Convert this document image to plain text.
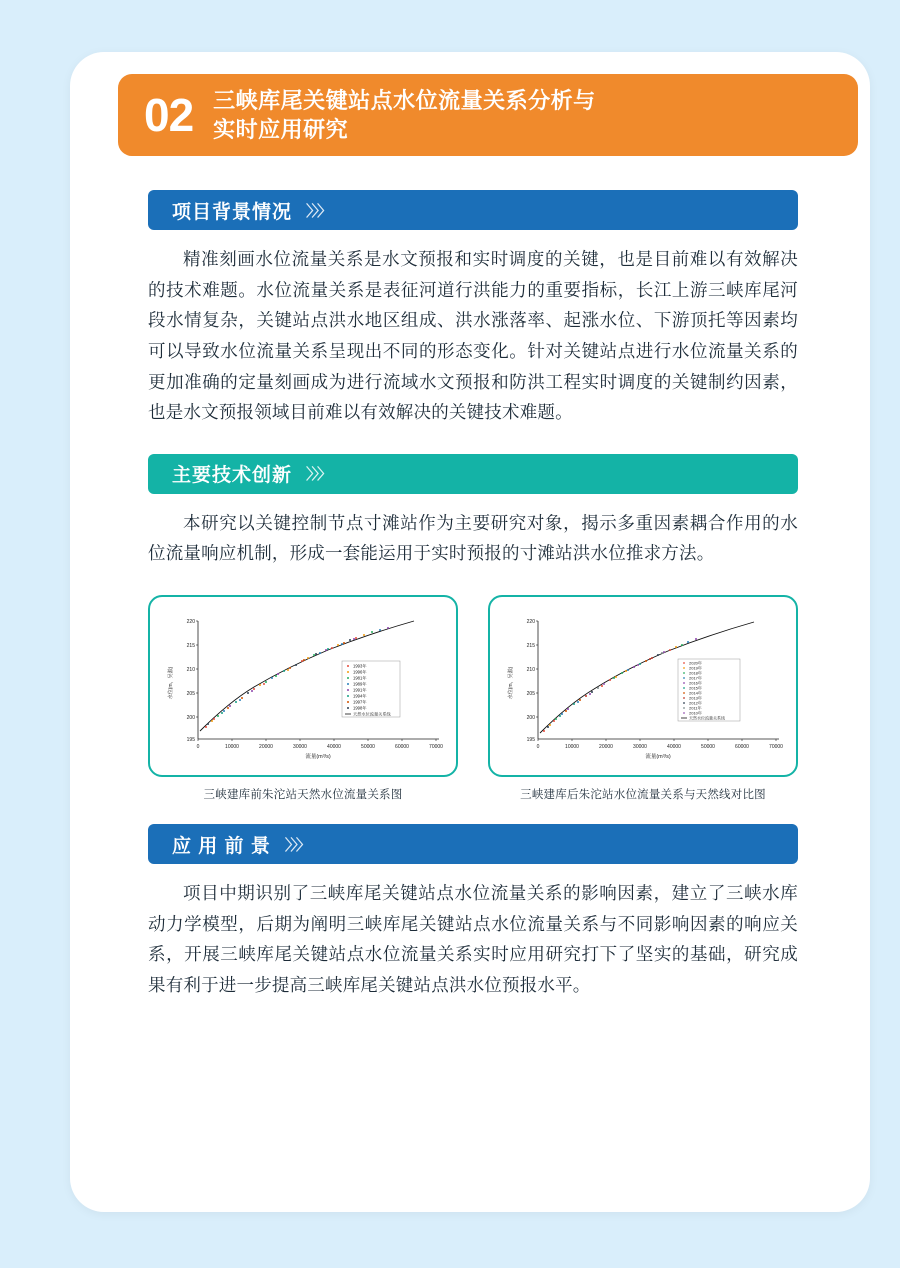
02 三峡库尾关键站点水位流量关系分析与
实时应用研究
项目背景情况 〉〉〉

精准刻画水位流量关系是水文预报和实时调度的关键，也是目前难以有效解决的技术难题。水位流量关系是表征河道行洪能力的重要指标，长江上游三峡库尾河段水情复杂，关键站点洪水地区组成、洪水涨落率、起涨水位、下游顶托等因素均可以导致水位流量关系呈现出不同的形态变化。针对关键站点进行水位流量关系的更加准确的定量刻画成为进行流域水文预报和防洪工程实时调度的关键制约因素，也是水文预报领域目前难以有效解决的关键技术难题。

主要技术创新 〉〉〉

本研究以关键控制节点寸滩站作为主要研究对象，揭示多重因素耦合作用的水位流量响应机制，形成一套能运用于实时预报的寸滩站洪水位推求方法。

220
215
210
205
200
195
0	10000	20000	30000	40000	50000	60000	70000
流量(m³/s)
水位(m，吴淞)
1993年
1996年
1981年
1989年
1991年
1994年
1997年
1998年
天然水位流量关系线
三峡建库前朱沱站天然水位流量关系图
220
215
210
205
200
195
0	10000	20000	30000	40000	50000	60000	70000
流量(m³/s)
水位(m，吴淞)
2020年
2019年
2018年
2017年
2016年
2015年
2014年
2013年
2012年
2011年
2010年
天然水位流量关系线
三峡建库后朱沱站水位流量关系与天然线对比图
应 用 前 景 〉〉〉

项目中期识别了三峡库尾关键站点水位流量关系的影响因素，建立了三峡水库动力学模型，后期为阐明三峡库尾关键站点水位流量关系与不同影响因素的响应关系，开展三峡库尾关键站点水位流量关系实时应用研究打下了坚实的基础，研究成果有利于进一步提高三峡库尾关键站点洪水位预报水平。
